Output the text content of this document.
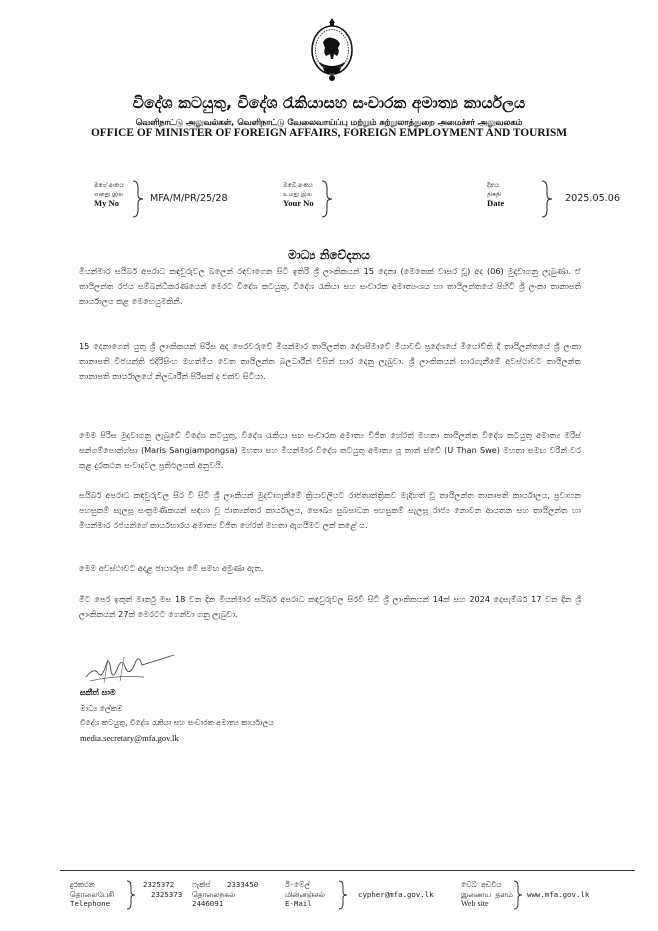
විදේශ කටයුතු, විදේශ රැකියාසහ සංචාරක අමාත්‍ය කාර්යලය
வெளிநாட்டு அலுவல்கள், வெளிநாட்டு வேலைவாய்ப்பு மற்றும் சுற்றுலாத்துறை அமைச்சர் அலுவலகம்
OFFICE OF MINISTER OF FOREIGN AFFAIRS, FOREIGN EMPLOYMENT AND TOURISM
මගේ අංකය
எனது இல
My No	MFA/M/PR/25/28
ඔබේ අංකය
உமது இல
Your No
දිනය
திகதி
Date	2025.05.06
මාධ්‍ය නිවේදනය
මියන්මාර සයිබර් අපරාධ කඳවුරුවල බලෙන් රඳවාගෙන සිටි ඉතිරි ශ්‍රී ලාංකිකයන් 15 දෙනා (මෙතෙක් වාසර වූ) අද (06) මුදවාගනු ලැබුණා. ඒ තායිලන්ත රජය සම්බන්ධීකරණයෙන් මෙරට විදේශ කටයුතු, විදේශ රැකියා සහ සංචාරක අමාත්‍යංශය හා තායිලන්තයේ පිහිටි ශ්‍රී ලංකා තානාපති කාර්යාලය කළ මෙහෙයුමකිනි.
15 දෙනාගෙන් යුතු ශ්‍රී ලාංකිකයන් පිරිස අද පෙරවරුවේ මියන්මාර තායිලන්ත දේශසීමාවේ මියාවඩි ප්‍රදේශයේ මියෝව්ති දී තායිලන්තයේ ශ්‍රී ලංකා තානාපති විජයන්ති එදිරිසිංහ මහත්මිය වෙත තායිලන්ත බලධාරීන් විසින් භාර දෙනු ලැබුවා. ශ්‍රී ලාංකිකයන් භාරගැනීමේ අවස්ථාවට තායිලන්ත තානාපති කාර්යාලයේ නිලධාරීන් පිරිසක් ද එක්ව සිටියා.
මෙම පිරිස මුදවාගනු ලැබුවේ විදේශ කටයුතු, විදේශ රැකියා සහ සංචාරක අමාත්‍ය විජිත හේරත් මහතා තායිලන්ත විදේශ කටයුතු අමාත්‍ය මරිස් සන්ගම්පොන්ග්සා (Maris Sangiampongsa) මහතා සහ මියන්මාර විදේශ කටයුතු අමාත්‍ය යූ තාන් ස්වේ (U Than Swe) මහතා සමඟ වරින් වර කළ දුරකථන සංවාදවල ප්‍රතිඵලයක් අනුවයි.
සයිබර් අපරාධ කඳවුරුවල සිර වී සිටි ශ්‍රී ලාංකියන් මුදවාගැනීමේ ක්‍රියාවලියට රාජතාන්ත්‍රිකව මැදිහත් වූ තායිලන්ත තානාපති කාර්යාලය, ප්‍රවාහන පහසුකම් සැලසූ සංක්‍රමණිකයන් සඳහා වූ ජාත්‍යන්තර කාර්යාලය, සෞඛ්‍ය සුබසාධන පහසුකම් සැලසූ රාජ්‍ය නොවන ආයතන සහ තායිලන්ත හා මියන්මාර රජයන්ගේ කාර්යභාරය අමාත්‍ය විජිත හේරත් මහතා ඇගයීමට ලක් කළේ ය.
මෙම අවස්ථාවට අදාළ ඡායාරූප මේ සමඟ අමුණා ඇත.
මීට පෙර ඉකුත් මාර්තු මස 18 වන දින මියන්මාර සයිබර් අපරාධ කඳවුරුවල සිරවී සිටි ශ්‍රී ලාංකිකයන් 14ක් සහ 2024 දෙසැම්බර් 17 වන දින ශ්‍රී ලාංකිකයන් 27ක් මෙරටට ගෙන්වා ගනු ලැබුවා.
සකීත් සාම
මාධ්‍ය ලේකම්
විදේශ කටයුතු, විදේශ රැකියා සහ සංචාරක අමාත්‍ය කාර්යාලය
media.secretary@mfa.gov.lk
දුරකථන
தொலைபேசி
Telephone
2325372
2325373
ෆැක්ස්
தொலைநகல்
2333450
2446091
ඊ-මේල්
மின்னஞ்சல்
E-Mail
cypher@mfa.gov.lk
වෙබ් අඩවිය
இணைய தளம்
Web site
www.mfa.gov.lk
